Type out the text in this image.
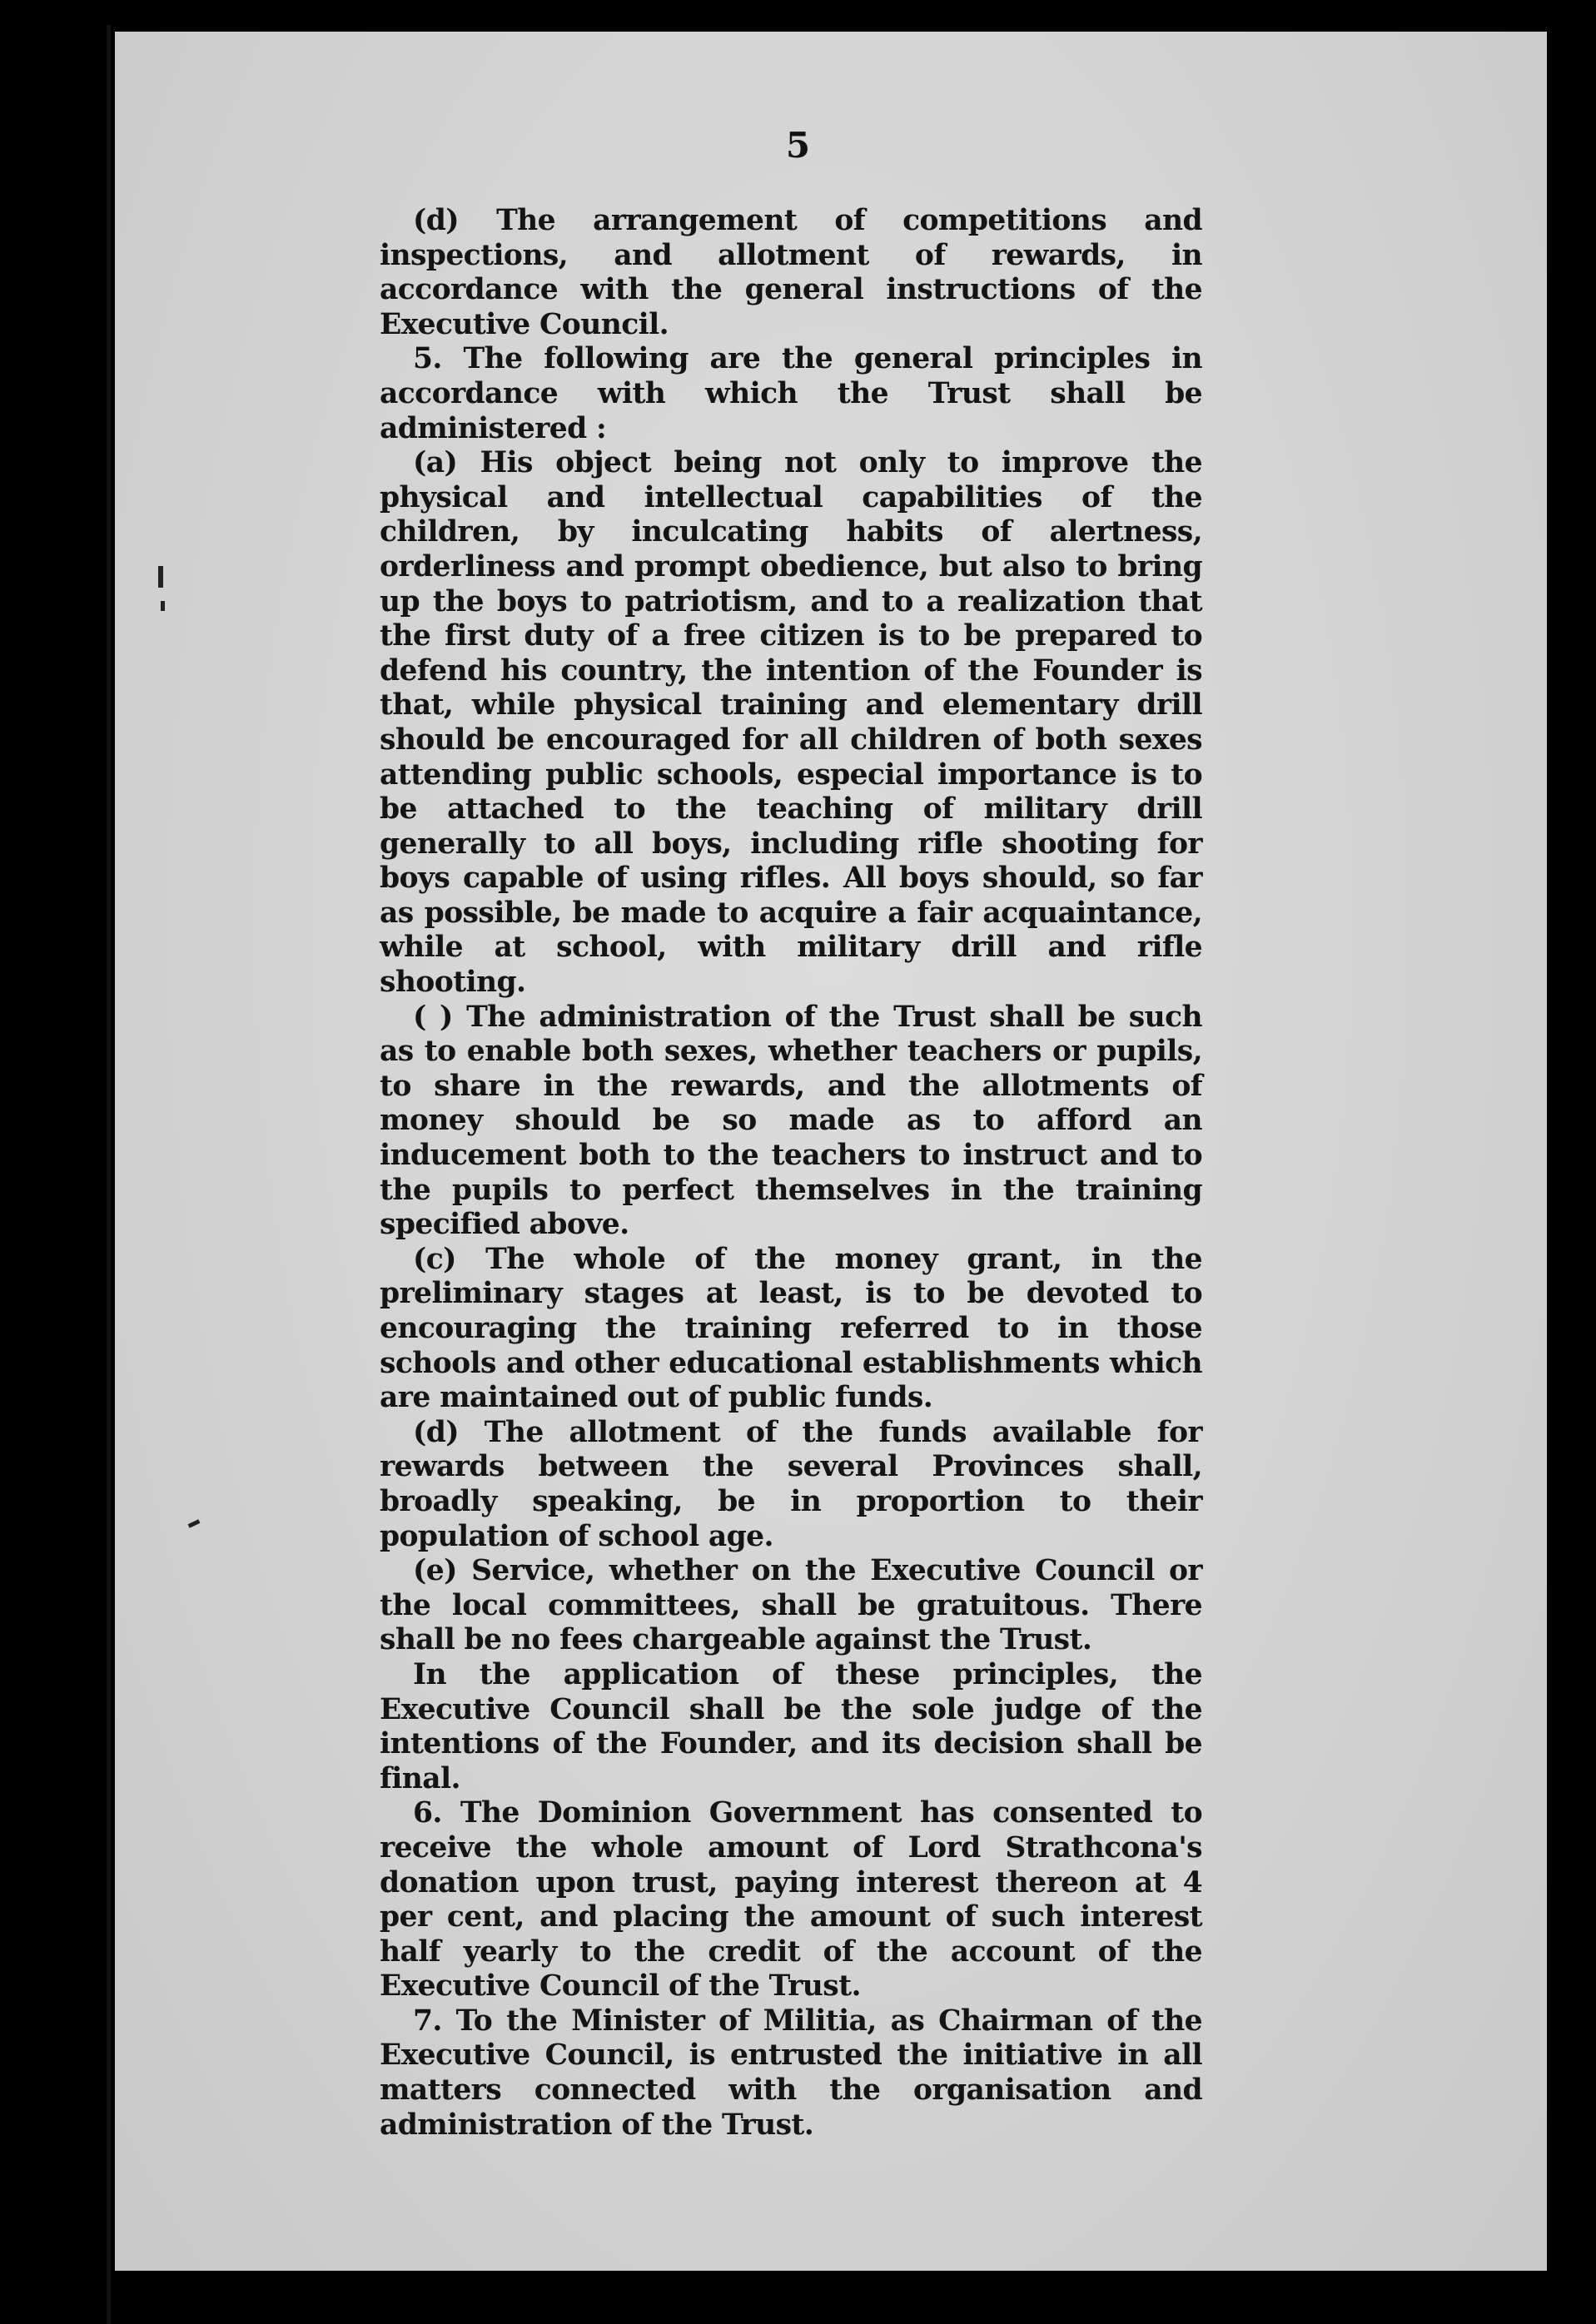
5

(d) The arrangement of competitions and inspections, and allotment of rewards, in accordance with the general instructions of the Executive Council.

5. The following are the general principles in accordance with which the Trust shall be administered :

(a) His object being not only to improve the physical and intellectual capabilities of the children, by inculcating habits of alertness, orderliness and prompt obedience, but also to bring up the boys to patriotism, and to a realization that the first duty of a free citizen is to be prepared to defend his country, the intention of the Founder is that, while physical training and elementary drill should be encouraged for all children of both sexes attending public schools, especial importance is to be attached to the teaching of military drill generally to all boys, including rifle shooting for boys capable of using rifles. All boys should, so far as possible, be made to acquire a fair acquaintance, while at school, with military drill and rifle shooting.

( ) The administration of the Trust shall be such as to enable both sexes, whether teachers or pupils, to share in the rewards, and the allotments of money should be so made as to afford an inducement both to the teachers to instruct and to the pupils to perfect themselves in the training specified above.

(c) The whole of the money grant, in the preliminary stages at least, is to be devoted to encouraging the training referred to in those schools and other educational establishments which are maintained out of public funds.

(d) The allotment of the funds available for rewards between the several Provinces shall, broadly speaking, be in proportion to their population of school age.

(e) Service, whether on the Executive Council or the local committees, shall be gratuitous. There shall be no fees chargeable against the Trust.

In the application of these principles, the Executive Council shall be the sole judge of the intentions of the Founder, and its decision shall be final.

6. The Dominion Government has consented to receive the whole amount of Lord Strathcona's donation upon trust, paying interest thereon at 4 per cent, and placing the amount of such interest half yearly to the credit of the account of the Executive Council of the Trust.

7. To the Minister of Militia, as Chairman of the Executive Council, is entrusted the initiative in all matters connected with the organisation and administration of the Trust.
